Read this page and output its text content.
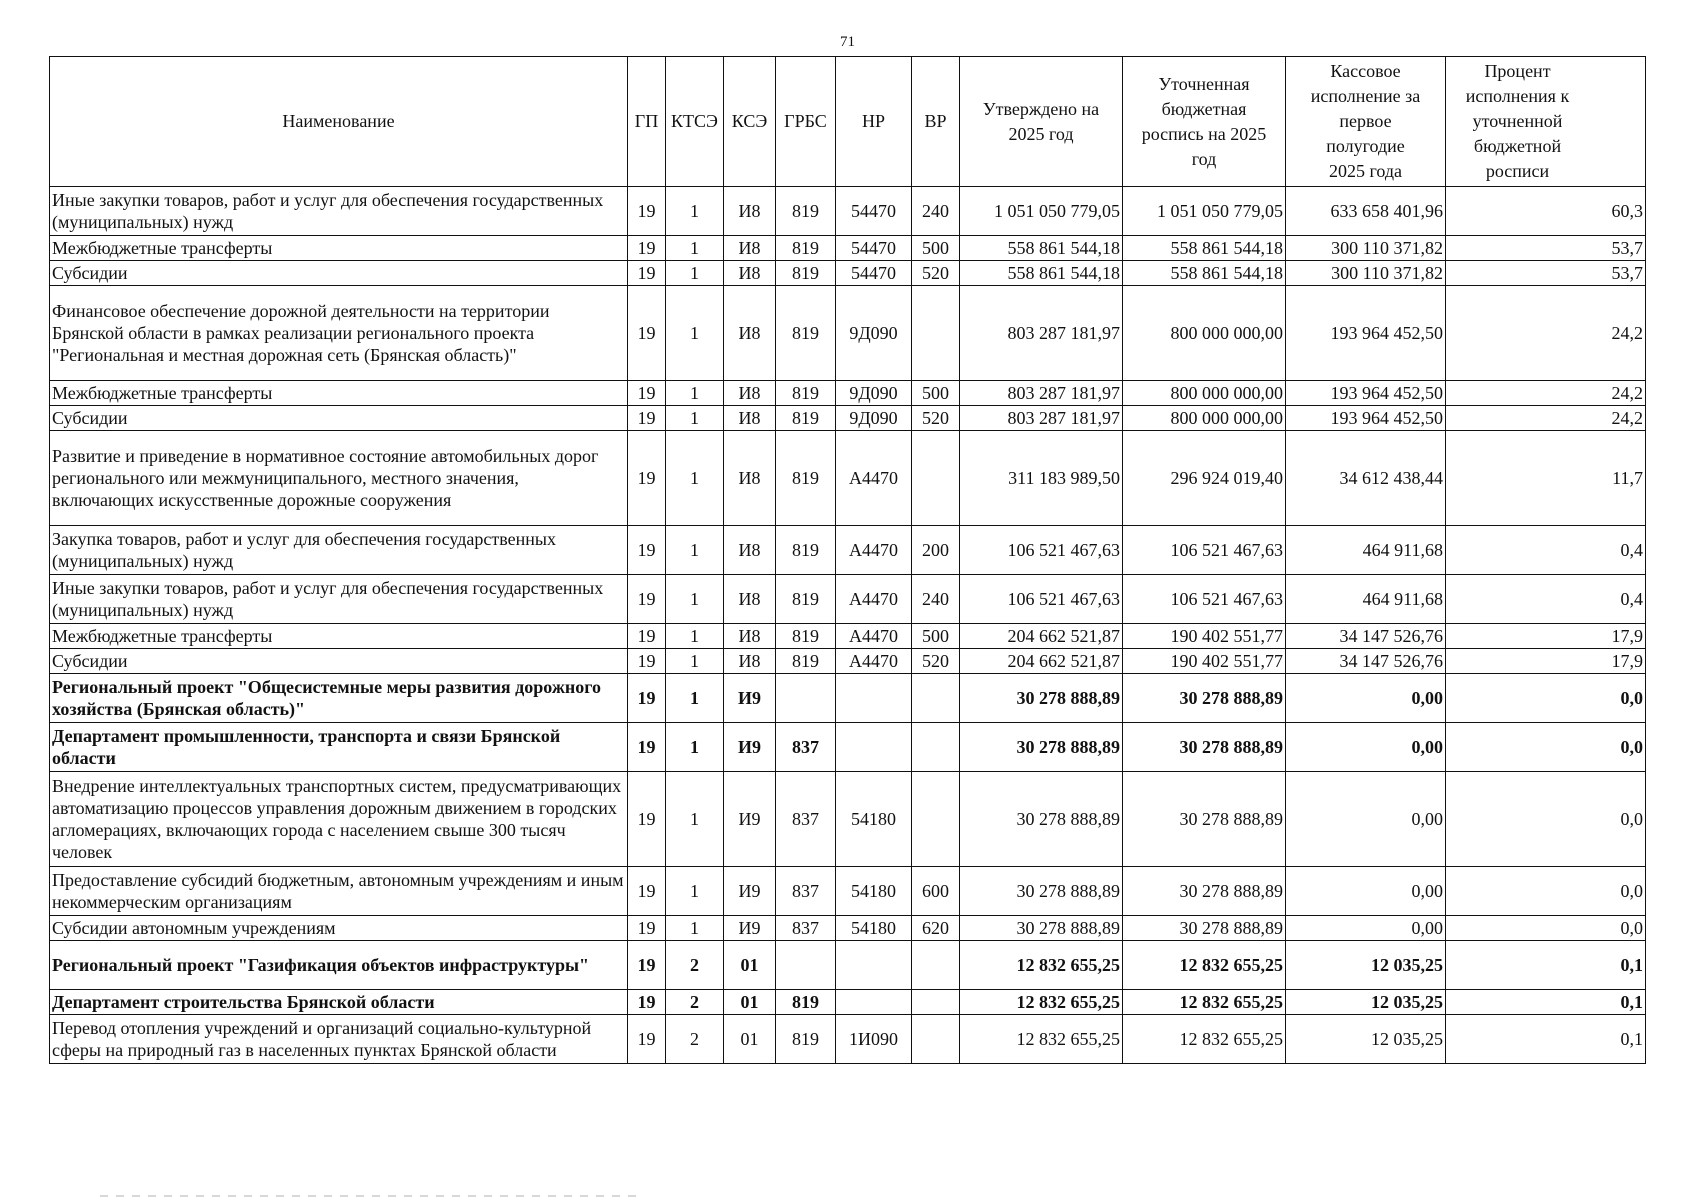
71
Наименование	ГП	КТСЭ	КСЭ	ГРБС	НР	ВР	Утверждено на 2025 год	Уточненная бюджетная роспись на 2025 год	Кассовое исполнение за первое полугодие 2025 года	Процент исполнения к уточненной бюджетной росписи
Иные закупки товаров, работ и услуг для обеспечения государственных (муниципальных) нужд	19	1	И8	819	54470	240	1 051 050 779,05	1 051 050 779,05	633 658 401,96	60,3
Межбюджетные трансферты	19	1	И8	819	54470	500	558 861 544,18	558 861 544,18	300 110 371,82	53,7
Субсидии	19	1	И8	819	54470	520	558 861 544,18	558 861 544,18	300 110 371,82	53,7
Финансовое обеспечение дорожной деятельности на территории Брянской области в рамках реализации регионального проекта "Региональная и местная дорожная сеть (Брянская область)"	19	1	И8	819	9Д090		803 287 181,97	800 000 000,00	193 964 452,50	24,2
Межбюджетные трансферты	19	1	И8	819	9Д090	500	803 287 181,97	800 000 000,00	193 964 452,50	24,2
Субсидии	19	1	И8	819	9Д090	520	803 287 181,97	800 000 000,00	193 964 452,50	24,2
Развитие и приведение в нормативное состояние автомобильных дорог регионального или межмуниципального, местного значения, включающих искусственные дорожные сооружения	19	1	И8	819	А4470		311 183 989,50	296 924 019,40	34 612 438,44	11,7
Закупка товаров, работ и услуг для обеспечения государственных (муниципальных) нужд	19	1	И8	819	А4470	200	106 521 467,63	106 521 467,63	464 911,68	0,4
Иные закупки товаров, работ и услуг для обеспечения государственных (муниципальных) нужд	19	1	И8	819	А4470	240	106 521 467,63	106 521 467,63	464 911,68	0,4
Межбюджетные трансферты	19	1	И8	819	А4470	500	204 662 521,87	190 402 551,77	34 147 526,76	17,9
Субсидии	19	1	И8	819	А4470	520	204 662 521,87	190 402 551,77	34 147 526,76	17,9
Региональный проект "Общесистемные меры развития дорожного хозяйства (Брянская область)"	19	1	И9				30 278 888,89	30 278 888,89	0,00	0,0
Департамент промышленности, транспорта и связи Брянской области	19	1	И9	837			30 278 888,89	30 278 888,89	0,00	0,0
Внедрение интеллектуальных транспортных систем, предусматривающих автоматизацию процессов управления дорожным движением в городских агломерациях, включающих города с населением свыше 300 тысяч человек	19	1	И9	837	54180		30 278 888,89	30 278 888,89	0,00	0,0
Предоставление субсидий бюджетным, автономным учреждениям и иным некоммерческим организациям	19	1	И9	837	54180	600	30 278 888,89	30 278 888,89	0,00	0,0
Субсидии автономным учреждениям	19	1	И9	837	54180	620	30 278 888,89	30 278 888,89	0,00	0,0
Региональный проект "Газификация объектов инфраструктуры"	19	2	01				12 832 655,25	12 832 655,25	12 035,25	0,1
Департамент строительства Брянской области	19	2	01	819			12 832 655,25	12 832 655,25	12 035,25	0,1
Перевод отопления учреждений и организаций социально-культурной сферы на природный газ в населенных пунктах Брянской области	19	2	01	819	1И090		12 832 655,25	12 832 655,25	12 035,25	0,1
